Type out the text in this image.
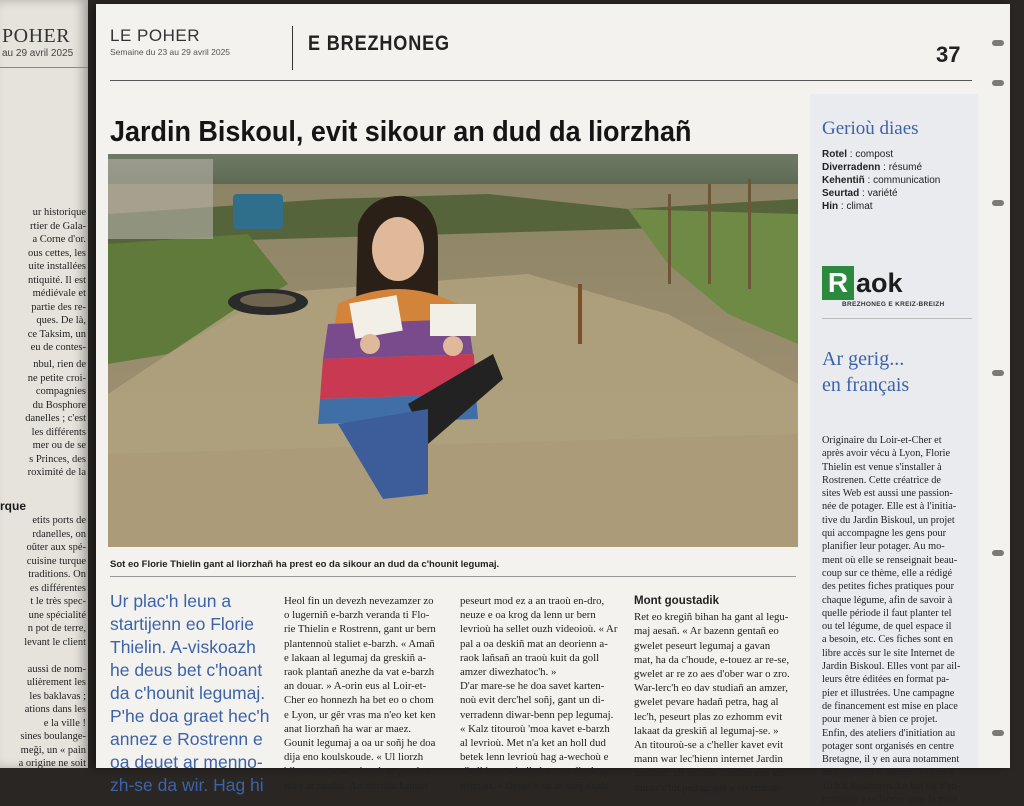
POHER
au 29 avril 2025
ur historique
rtier de Gala-
a Corne d'or.
ous cettes, les
uite installées
ntiquité. Il est
médiévale et
partie des re-
ques. De là,
ce Taksim, un
eu de contes-
nbul, rien de
ne petite croi-
compagnies
du Bosphore
danelles ; c'est
les différents
mer ou de se
s Princes, des
roximité de la
rque
etits ports de
rdanelles, on
oûter aux spé-
cuisine turque
traditions. On
es différentes
t le très spec-
une spécialité
n pot de terre,
levant le client

aussi de nom-
ulièrement les
les baklavas ;
ations dans les
e la ville !
sines boulange-
meği, un « pain
a origine ne soit
LE POHER
Semaine du 23 au 29 avril 2025	E BREZHONEG	37
Jardin Biskoul, evit sikour an dud da liorzhañ
Sot eo Florie Thielin gant al liorzhañ ha prest eo da sikour an dud da c'hounit legumaj.
Ur plac'h leun a
startijenn eo Florie
Thielin. A-viskoazh
he deus bet c'hoant
da c'hounit legumaj.
P'he doa graet hec'h
annez e Rostrenn e
oa deuet ar menno-
zh-se da wir. Hag hi
Heol fin un devezh nevezamzer zo
o lugerniñ e-barzh veranda ti Flo-
rie Thielin e Rostrenn, gant ur bern
plantennoù staliet e-barzh. « Amañ
e lakaan al legumaj da greskiñ a-
raok plantañ anezhe da vat e-barzh
an douar. » A-orin eus al Loir-et-
Cher eo honnezh ha bet eo o chom
e Lyon, ur gêr vras ma n'eo ket ken
anat liorzhañ ha war ar maez.
Gounit legumaj a oa ur soñj he doa
dija eno koulskoude. « Ul liorzh
bihan-tout a oa e-barzh ar porzh a-
drev ar randni. An intrudu kentañ
peseurt mod ez a an traoù en-dro,
neuze e oa krog da lenn ur bern
levrioù ha sellet ouzh videoioù. « Ar
pal a oa deskiñ mat an deorienn a-
raok lañsañ an traoù kuit da goll
amzer diwezhatoc'h. »
D'ar mare-se he doa savet karten-
noù evit derc'hel soñj, gant un di-
verradenn diwar-benn pep legumaj.
« Kalz titouroù 'moa kavet e-barzh
al levrioù. Met n'a ket an holl dud
betek lenn levrioù hag a-wechoù e
c'hell bout teknikel-tre an displega-
dennoù. » Deuet e oa ar soñj dezhi
Mont goustadik
Ret eo kregiñ bihan ha gant al legu-
maj aesañ. « Ar bazenn gentañ eo
gwelet peseurt legumaj a gavan
mat, ha da c'houde, e-touez ar re-se,
gwelet ar re zo aes d'ober war o zro.
War-lerc'h eo dav studiañ an amzer,
gwelet pevare hadañ petra, hag al
lec'h, peseurt plas zo ezhomm evit
lakaat da greskiñ al legumaj-se. »
An titouroù-se a c'heller kavet evit
mann war lec'hienn internet Jardin
Biskoul. Ur stumm moullet eus kar-
toù ar c'hit pedagogel a vo emban-
Gerioù diaes
Rotel : compost
Diverradenn : résumé
Kehentiñ : communication
Seurtad : variété
Hin : climat
R aok
BREZHONEG E KREIZ-BREIZH
Ar gerig...
en français
Originaire du Loir-et-Cher et
après avoir vécu à Lyon, Florie
Thielin est venue s'installer à
Rostrenen. Cette créatrice de
sites Web est aussi une passion-
née de potager. Elle est à l'initia-
tive du Jardin Biskoul, un projet
qui accompagne les gens pour
planifier leur potager. Au mo-
ment où elle se renseignait beau-
coup sur ce thème, elle a rédigé
des petites fiches pratiques pour
chaque légume, afin de savoir à
quelle période il faut planter tel
ou tel légume, de quel espace il
a besoin, etc. Ces fiches sont en
libre accès sur le site Internet de
Jardin Biskoul. Elles vont par ail-
leurs être éditées en format pa-
pier et illustrées. Une campagne
de financement est mise en place
pour mener à bien ce projet.
Enfin, des ateliers d'initiation au
potager sont organisés en centre
Bretagne, il y en aura notamment
un en breton le samedi 10 mai à
10 h à Rostrenen. Le but est d'en-
courager à se lancer dans la mise
